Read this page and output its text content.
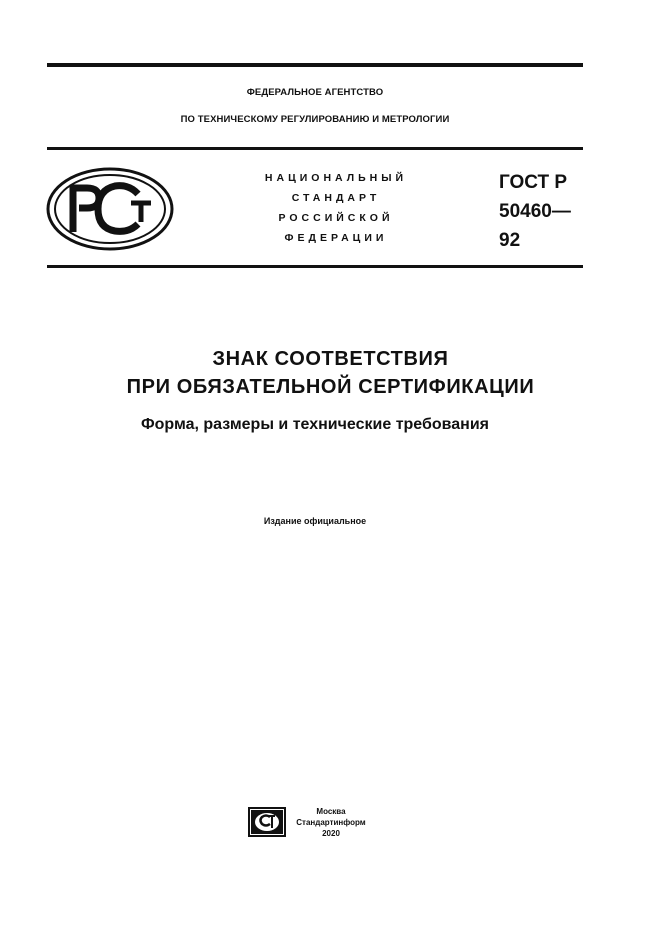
ФЕДЕРАЛЬНОЕ АГЕНТСТВО
ПО ТЕХНИЧЕСКОМУ РЕГУЛИРОВАНИЮ И МЕТРОЛОГИИ
НАЦИОНАЛЬНЫЙ
СТАНДАРТ
РОССИЙСКОЙ
ФЕДЕРАЦИИ
ГОСТ Р
50460—
92
ЗНАК СООТВЕТСТВИЯ
ПРИ ОБЯЗАТЕЛЬНОЙ СЕРТИФИКАЦИИ
Форма, размеры и технические требования
Издание официальное
Москва
Стандартинформ
2020
